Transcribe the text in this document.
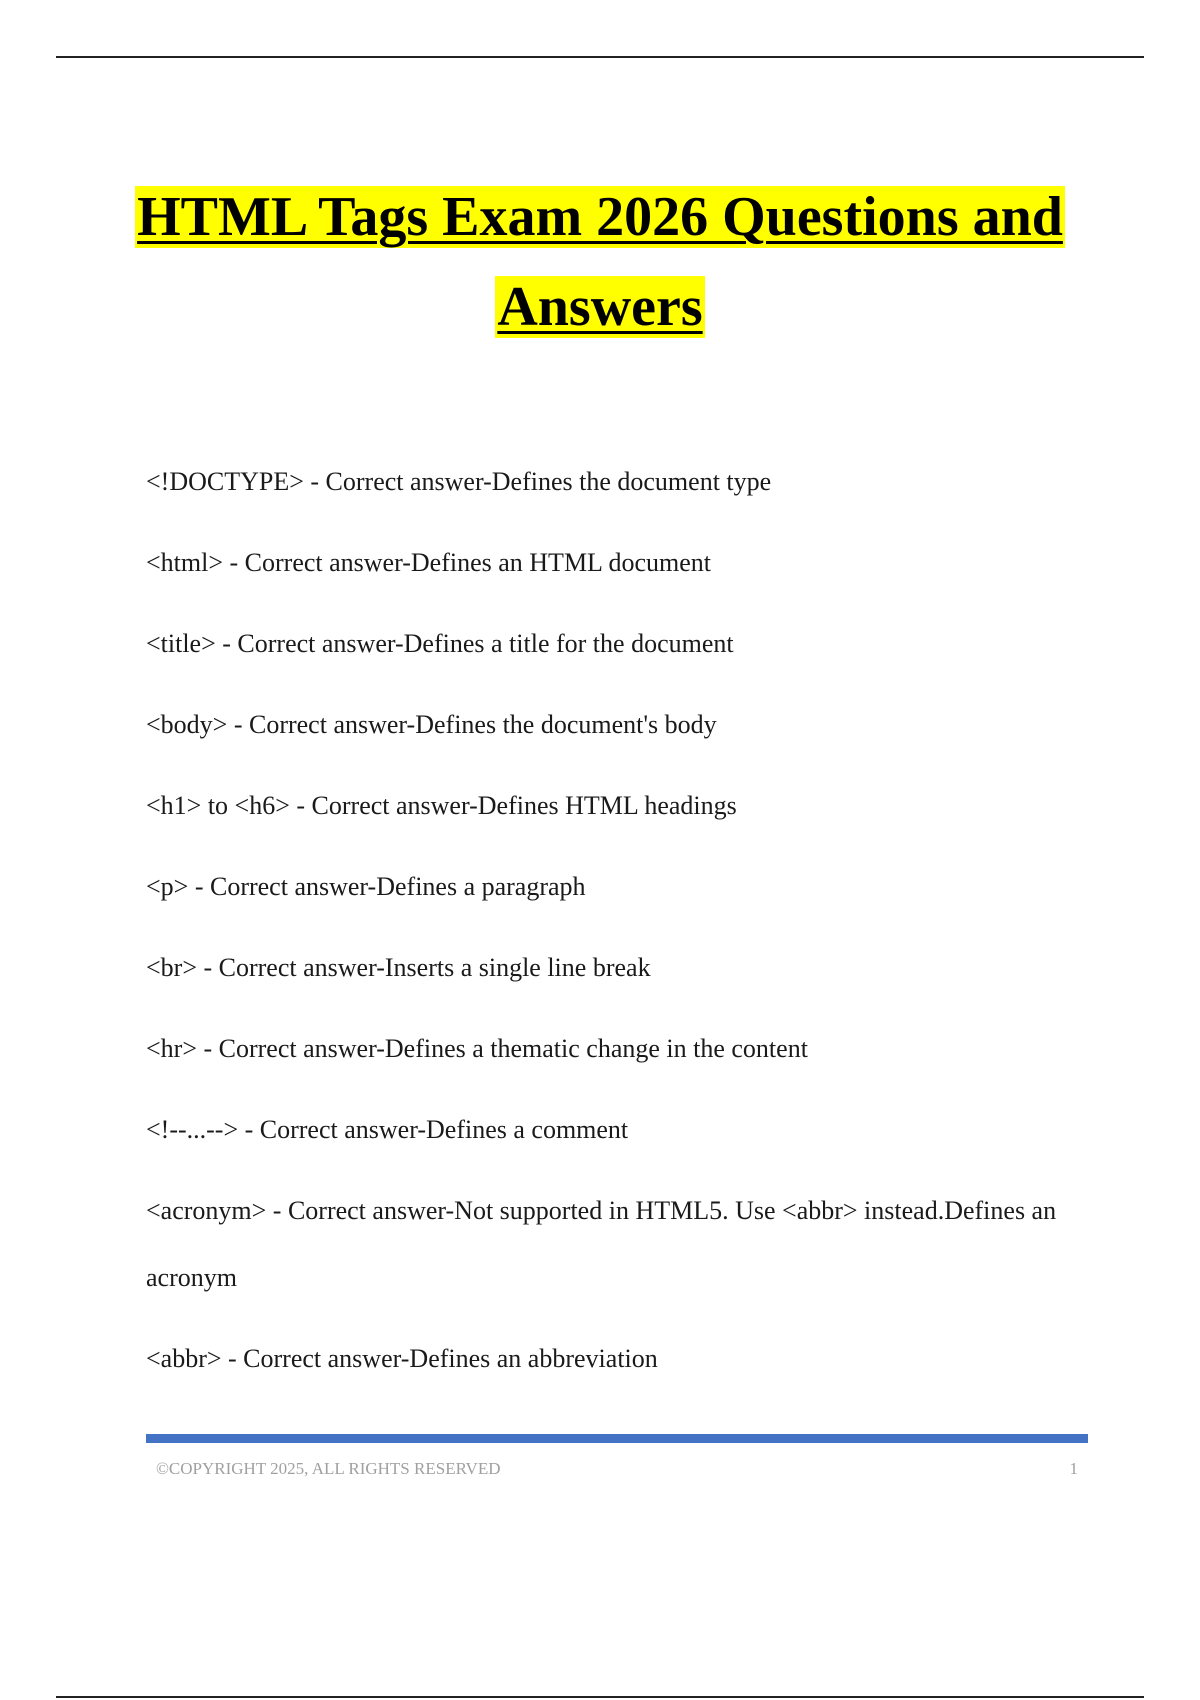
HTML Tags Exam 2026 Questions and
Answers
<!DOCTYPE> - Correct answer-Defines the document type
<html> - Correct answer-Defines an HTML document
<title> - Correct answer-Defines a title for the document
<body> - Correct answer-Defines the document's body
<h1> to <h6> - Correct answer-Defines HTML headings
<p> - Correct answer-Defines a paragraph
<br> - Correct answer-Inserts a single line break
<hr> - Correct answer-Defines a thematic change in the content
<!--...--> - Correct answer-Defines a comment
<acronym> - Correct answer-Not supported in HTML5. Use <abbr> instead.Defines an acronym
<abbr> - Correct answer-Defines an abbreviation
©COPYRIGHT 2025, ALL RIGHTS RESERVED	1
